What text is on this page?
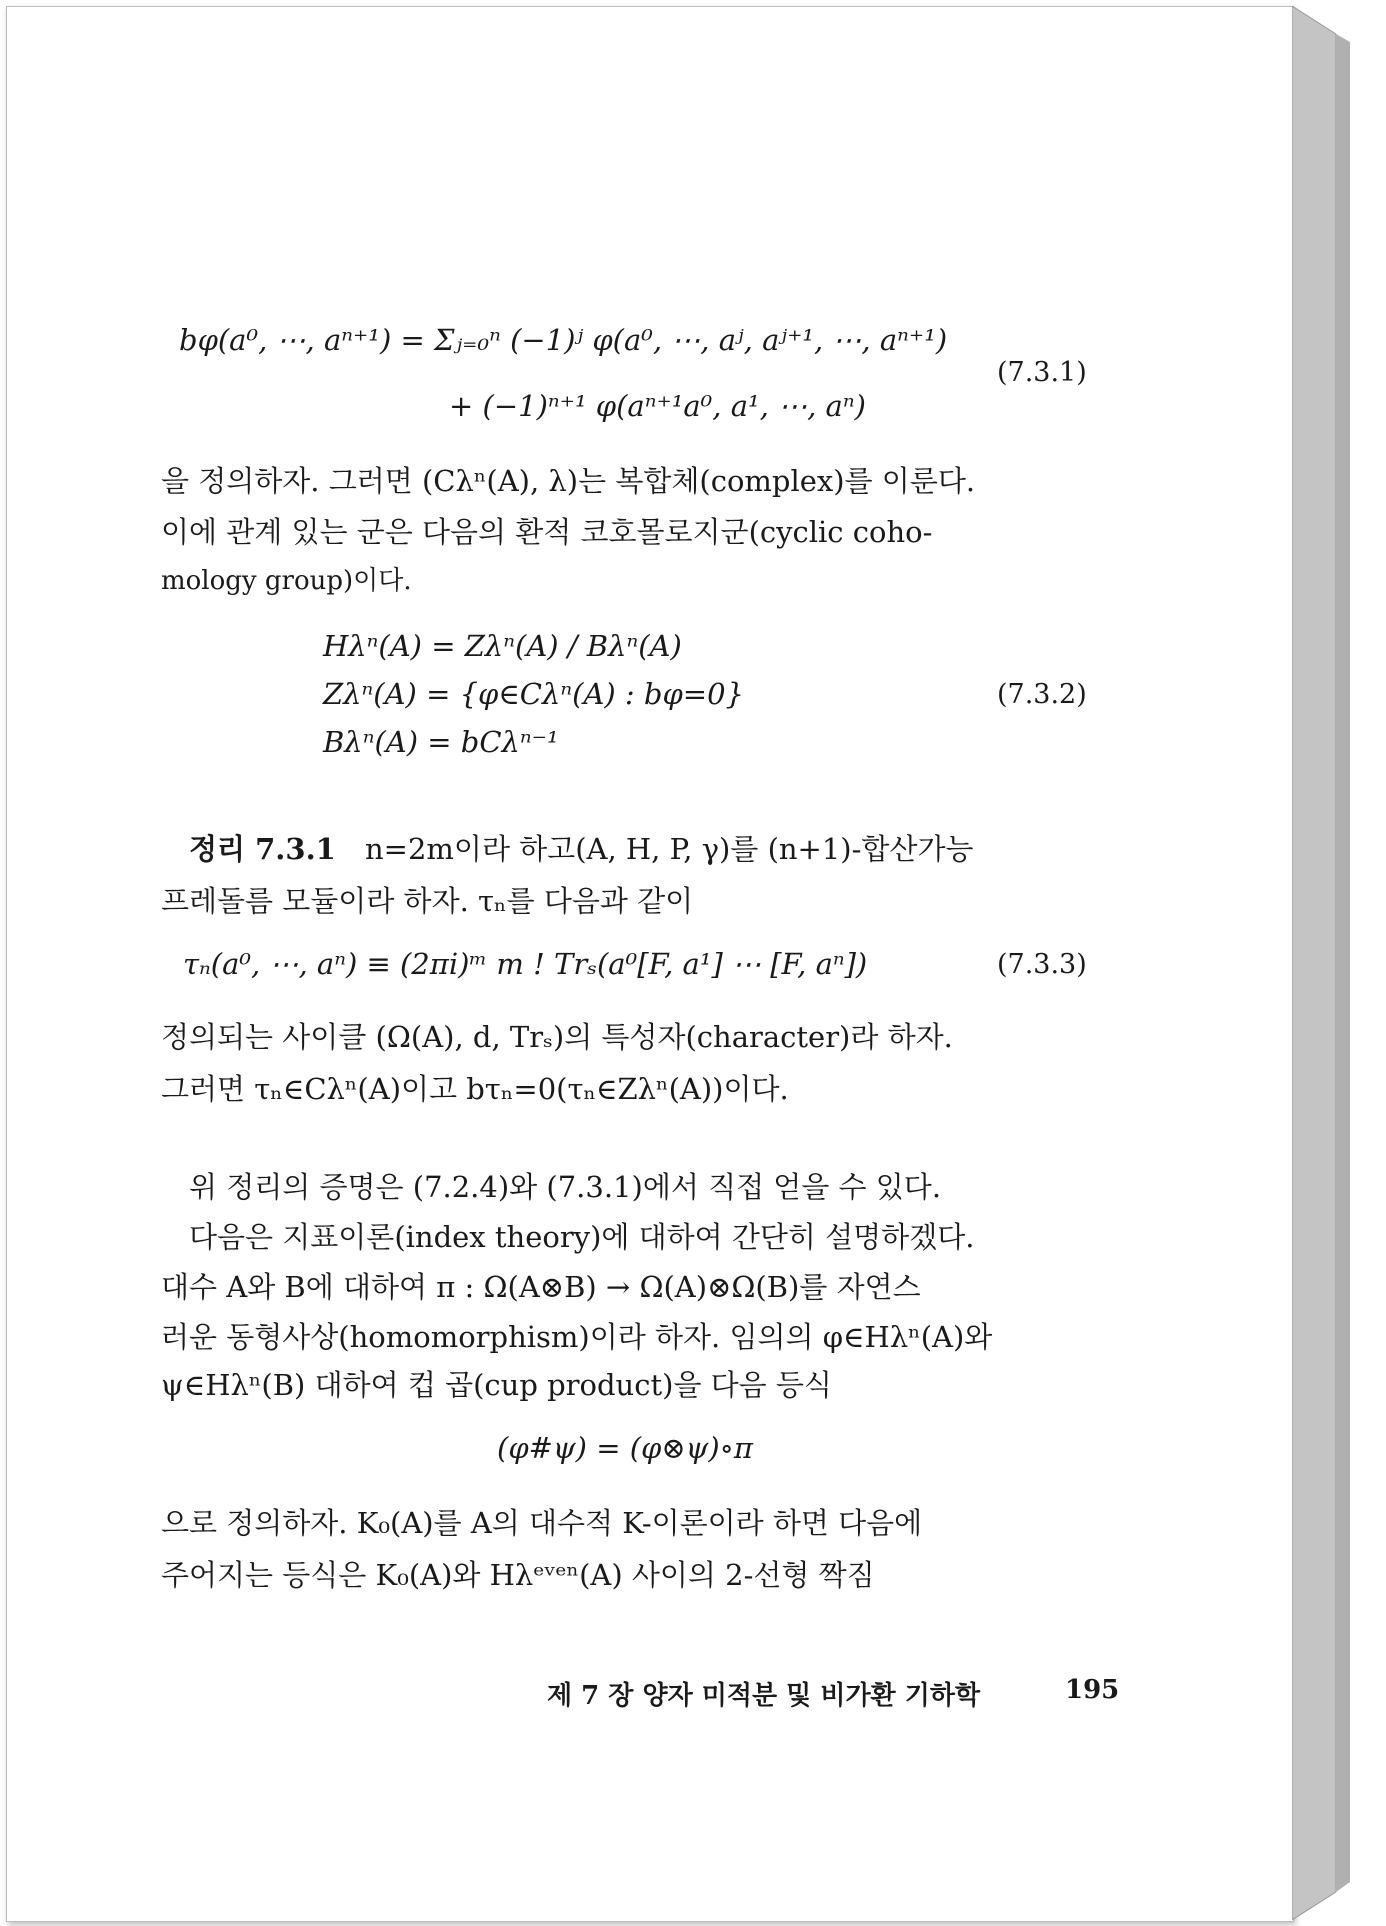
bφ(a⁰, ⋯, aⁿ⁺¹) = Σⱼ₌₀ⁿ (−1)ʲ φ(a⁰, ⋯, aʲ, aʲ⁺¹, ⋯, aⁿ⁺¹)
+ (−1)ⁿ⁺¹ φ(aⁿ⁺¹a⁰, a¹, ⋯, aⁿ)
(7.3.1)
을 정의하자. 그러면 (Cλⁿ(A), λ)는 복합체(complex)를 이룬다.
이에 관계 있는 군은 다음의 환적 코호몰로지군(cyclic coho-
mology group)이다.
Hλⁿ(A) = Zλⁿ(A) / Bλⁿ(A)
Zλⁿ(A) = {φ∈Cλⁿ(A) : bφ=0}
Bλⁿ(A) = bCλⁿ⁻¹
(7.3.2)
정리 7.3.1 n=2m이라 하고(A, H, P, γ)를 (n+1)-합산가능
프레돌름 모듈이라 하자. τₙ를 다음과 같이
τₙ(a⁰, ⋯, aⁿ) ≡ (2πi)ᵐ m ! Trₛ(a⁰[F, a¹] ⋯ [F, aⁿ])	(7.3.3)
정의되는 사이클 (Ω(A), d, Trₛ)의 특성자(character)라 하자.
그러면 τₙ∈Cλⁿ(A)이고 bτₙ=0(τₙ∈Zλⁿ(A))이다.
위 정리의 증명은 (7.2.4)와 (7.3.1)에서 직접 얻을 수 있다.
다음은 지표이론(index theory)에 대하여 간단히 설명하겠다.
대수 A와 B에 대하여 π : Ω(A⊗B) → Ω(A)⊗Ω(B)를 자연스
러운 동형사상(homomorphism)이라 하자. 임의의 φ∈Hλⁿ(A)와
ψ∈Hλⁿ(B) 대하여 컵 곱(cup product)을 다음 등식
(φ#ψ) = (φ⊗ψ)∘π
으로 정의하자. K₀(A)를 A의 대수적 K-이론이라 하면 다음에
주어지는 등식은 K₀(A)와 Hλᵉᵛᵉⁿ(A) 사이의 2-선형 짝짐
제 7 장 양자 미적분 및 비가환 기하학	195
